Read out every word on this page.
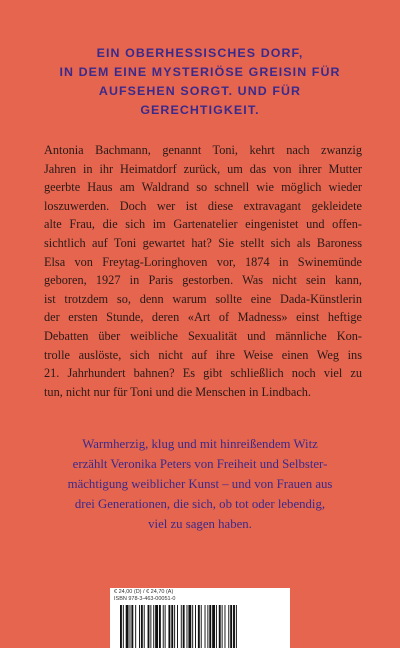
EIN OBERHESSISCHES DORF,
IN DEM EINE MYSTERIÖSE GREISIN FÜR
AUFSEHEN SORGT. UND FÜR
GERECHTIGKEIT.

Antonia Bachmann, genannt Toni, kehrt nach zwanzig
Jahren in ihr Heimatdorf zurück, um das von ihrer Mutter
geerbte Haus am Waldrand so schnell wie möglich wieder
loszuwerden. Doch wer ist diese extravagant gekleidete
alte Frau, die sich im Gartenatelier eingenistet und offen-
sichtlich auf Toni gewartet hat? Sie stellt sich als Baroness
Elsa von Freytag-Loringhoven vor, 1874 in Swinemünde
geboren, 1927 in Paris gestorben. Was nicht sein kann,
ist trotzdem so, denn warum sollte eine Dada-Künstlerin
der ersten Stunde, deren «Art of Madness» einst heftige
Debatten über weibliche Sexualität und männliche Kon-
trolle auslöste, sich nicht auf ihre Weise einen Weg ins
21. Jahrhundert bahnen? Es gibt schließlich noch viel zu
tun, nicht nur für Toni und die Menschen in Lindbach.

Warmherzig, klug und mit hinreißendem Witz
erzählt Veronika Peters von Freiheit und Selbster-
mächtigung weiblicher Kunst – und von Frauen aus
drei Generationen, die sich, ob tot oder lebendig,
viel zu sagen haben.

€ 24,00 (D) / € 24,70 (A)
ISBN 978-3-463-00051-0
